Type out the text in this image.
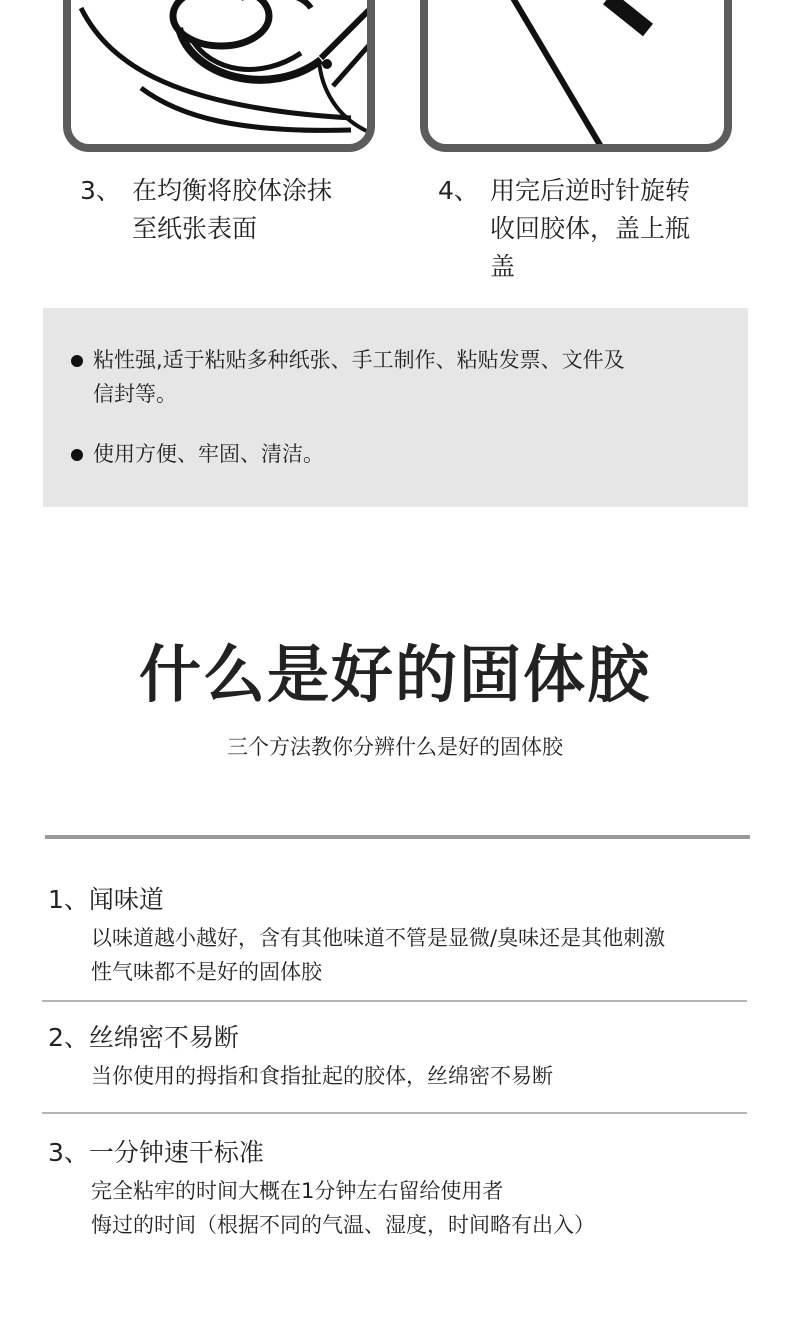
3、 在均衡将胶体涂抹
至纸张表面
4、 用完后逆时针旋转
收回胶体，盖上瓶
盖
粘性强,适于粘贴多种纸张、手工制作、粘贴发票、文件及
信封等。
使用方便、牢固、清洁。
什么是好的固体胶
三个方法教你分辨什么是好的固体胶
1、闻味道
以味道越小越好，含有其他味道不管是显微/臭味还是其他刺激
性气味都不是好的固体胶
2、丝绵密不易断
当你使用的拇指和食指扯起的胶体，丝绵密不易断
3、一分钟速干标准
完全粘牢的时间大概在1分钟左右留给使用者
悔过的时间（根据不同的气温、湿度，时间略有出入）
